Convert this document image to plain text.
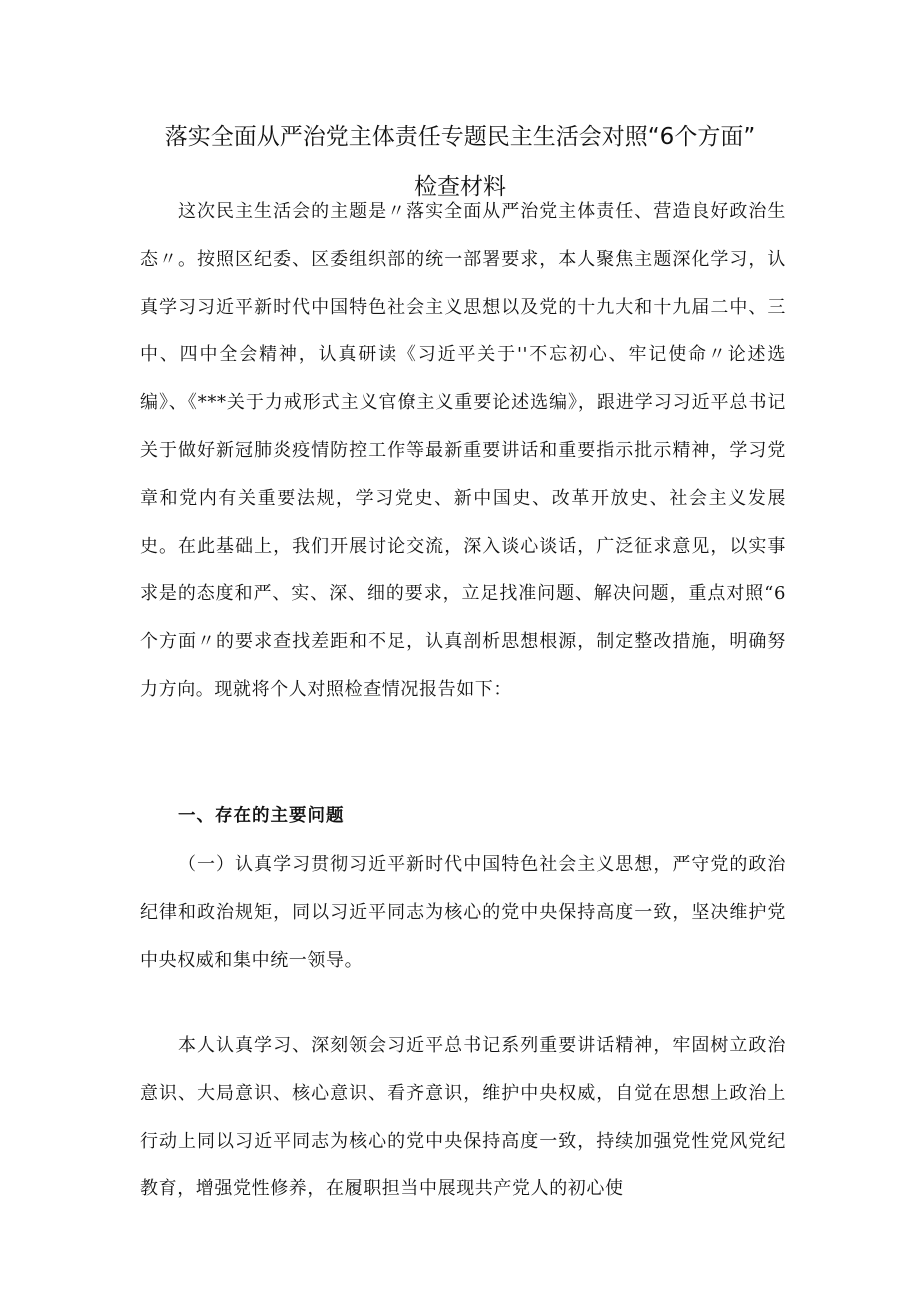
落实全面从严治党主体责任专题民主生活会对照“6个方面”
检查材料

这次民主生活会的主题是〃落实全面从严治党主体责任、营造良好政治生态〃。按照区纪委、区委组织部的统一部署要求，本人聚焦主题深化学习，认真学习习近平新时代中国特色社会主义思想以及党的十九大和十九届二中、三中、四中全会精神，认真研读《习近平关于''不忘初心、牢记使命〃论述选编》、《***关于力戒形式主义官僚主义重要论述选编》，跟进学习习近平总书记关于做好新冠肺炎疫情防控工作等最新重要讲话和重要指示批示精神，学习党章和党内有关重要法规，学习党史、新中国史、改革开放史、社会主义发展史。在此基础上，我们开展讨论交流，深入谈心谈话，广泛征求意见，以实事求是的态度和严、实、深、细的要求，立足找准问题、解决问题，重点对照“6个方面〃的要求查找差距和不足，认真剖析思想根源，制定整改措施，明确努力方向。现就将个人对照检查情况报告如下：

一、存在的主要问题

（一）认真学习贯彻习近平新时代中国特色社会主义思想，严守党的政治纪律和政治规矩，同以习近平同志为核心的党中央保持高度一致，坚决维护党中央权威和集中统一领导。

本人认真学习、深刻领会习近平总书记系列重要讲话精神，牢固树立政治意识、大局意识、核心意识、看齐意识，维护中央权威，自觉在思想上政治上行动上同以习近平同志为核心的党中央保持高度一致，持续加强党性党风党纪教育，增强党性修养，在履职担当中展现共产党人的初心使
